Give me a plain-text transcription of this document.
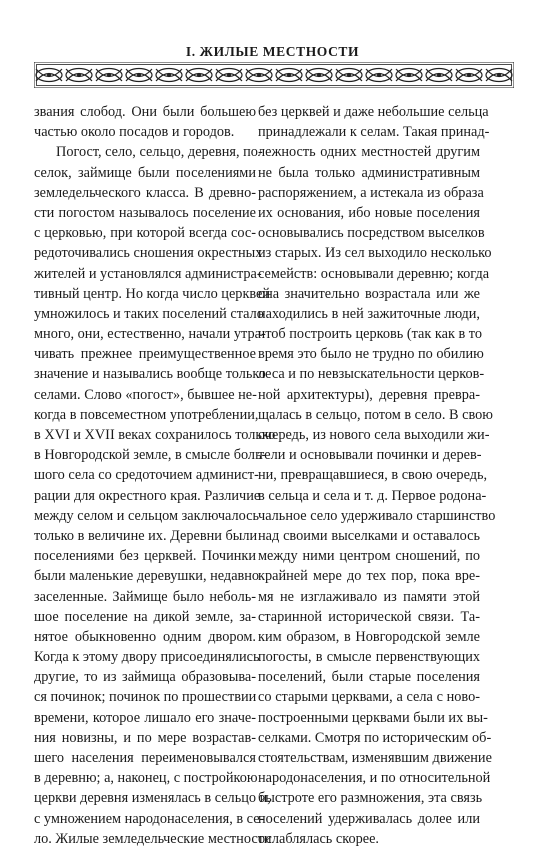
I. ЖИЛЫЕ МЕСТНОСТИ
звания слобод. Они были большею
частью около посадов и городов.
Погост, село, сельцо, деревня, по-
селок, займище были поселениями
земледельческого класса. В древно-
сти погостом называлось поселение
с церковью, при которой всегда сос-
редоточивались сношения окрестных
жителей и установлялся администра-
тивный центр. Но когда число церквей
умножилось и таких поселений стало
много, они, естественно, начали утра-
чивать прежнее преимущественное
значение и назывались вообще только
селами. Слово «погост», бывшее не-
когда в повсеместном употреблении,
в XVI и XVII веках сохранилось только
в Новгородской земле, в смысле боль-
шого села со средоточием админист-
рации для окрестного края. Различие
между селом и сельцом заключалось
только в величине их. Деревни были
поселениями без церквей. Починки
были маленькие деревушки, недавно
заселенные. Займище было неболь-
шое поселение на дикой земле, за-
нятое обыкновенно одним двором.
Когда к этому двору присоединялись
другие, то из займища образовыва-
ся починок; починок по прошествии
времени, которое лишало его значе-
ния новизны, и по мере возрастав-
шего населения переименовывался
в деревню; а, наконец, с постройкою
церкви деревня изменялась в сельцо и,
с умножением народонаселения, в се-
ло. Жилые земледельческие местности
без церквей и даже небольшие сельца
принадлежали к селам. Такая принад-
лежность одних местностей другим
не была только административным
распоряжением, а истекала из образа
их основания, ибо новые поселения
основывались посредством выселков
из старых. Из сел выходило несколько
семейств: основывали деревню; когда
она значительно возрастала или же
находились в ней зажиточные люди,
чтоб построить церковь (так как в то
время это было не трудно по обилию
леса и по невзыскательности церков-
ной архитектуры), деревня превра-
щалась в сельцо, потом в село. В свою
очередь, из нового села выходили жи-
тели и основывали починки и дерев-
ни, превращавшиеся, в свою очередь,
в сельца и села и т. д. Первое родона-
чальное село удерживало старшинство
над своими выселками и оставалось
между ними центром сношений, по
крайней мере до тех пор, пока вре-
мя не изглаживало из памяти этой
старинной исторической связи. Та-
ким образом, в Новгородской земле
погосты, в смысле первенствующих
поселений, были старые поселения
со старыми церквами, а села с ново-
построенными церквами были их вы-
селками. Смотря по историческим об-
стоятельствам, изменявшим движение
народонаселения, и по относительной
быстроте его размножения, эта связь
поселений удерживалась долее или
ослаблялась скорее.
